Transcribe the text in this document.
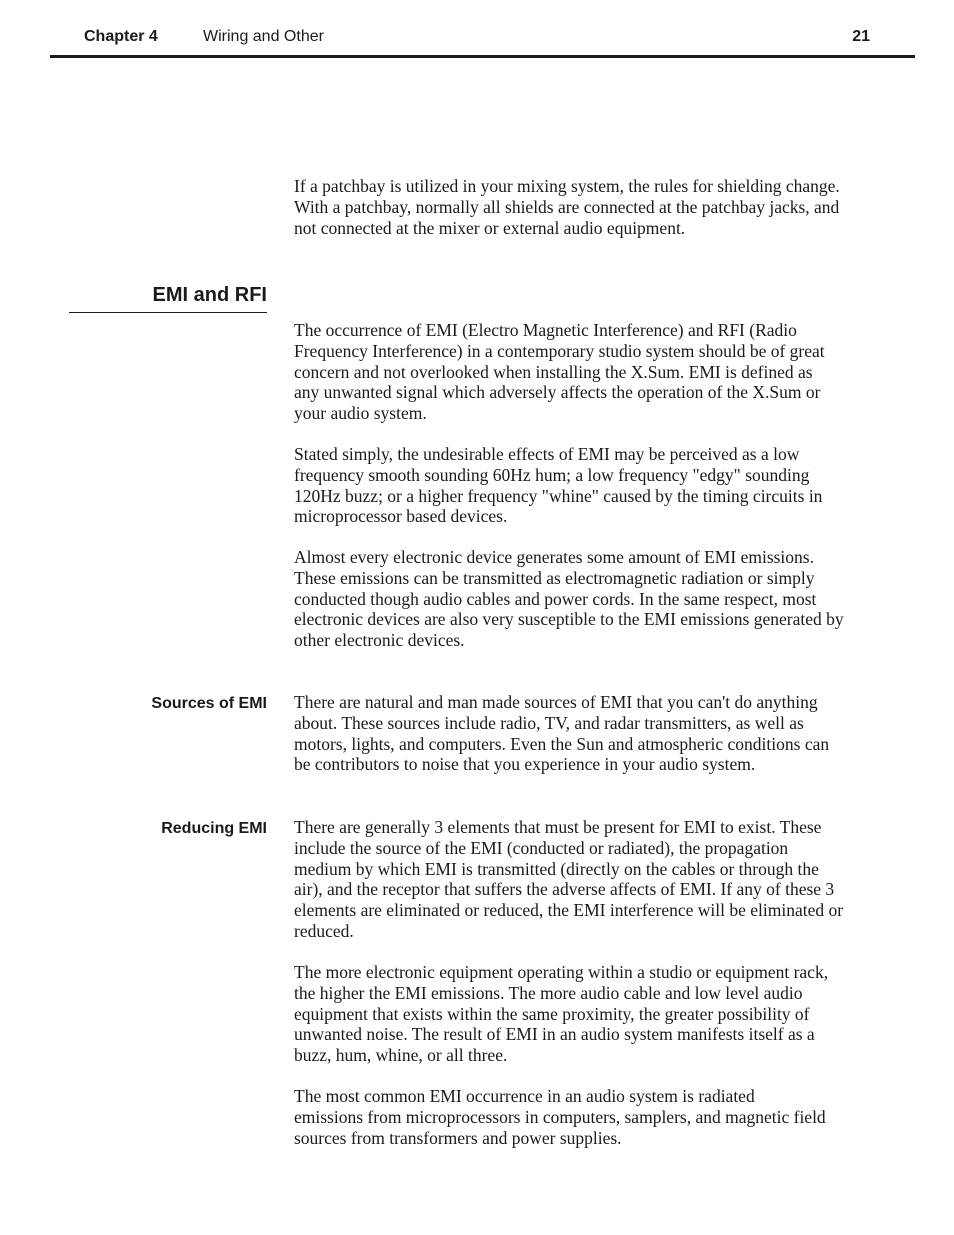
Chapter 4	Wiring and Other	21

If a patchbay is utilized in your mixing system, the rules for shielding change.
With a patchbay, normally all shields are connected at the patchbay jacks, and
not connected at the mixer or external audio equipment.

EMI and RFI

The occurrence of EMI (Electro Magnetic Interference) and RFI (Radio
Frequency Interference) in a contemporary studio system should be of great
concern and not overlooked when installing the X.Sum. EMI is defined as
any unwanted signal which adversely affects the operation of the X.Sum or
your audio system.

Stated simply, the undesirable effects of EMI may be perceived as a low
frequency smooth sounding 60Hz hum; a low frequency "edgy" sounding
120Hz buzz; or a higher frequency "whine" caused by the timing circuits in
microprocessor based devices.

Almost every electronic device generates some amount of EMI emissions.
These emissions can be transmitted as electromagnetic radiation or simply
conducted though audio cables and power cords. In the same respect, most
electronic devices are also very susceptible to the EMI emissions generated by
other electronic devices.

Sources of EMI There are natural and man made sources of EMI that you can't do anything
about. These sources include radio, TV, and radar transmitters, as well as
motors, lights, and computers. Even the Sun and atmospheric conditions can
be contributors to noise that you experience in your audio system.

Reducing EMI There are generally 3 elements that must be present for EMI to exist. These
include the source of the EMI (conducted or radiated), the propagation
medium by which EMI is transmitted (directly on the cables or through the
air), and the receptor that suffers the adverse affects of EMI. If any of these 3
elements are eliminated or reduced, the EMI interference will be eliminated or
reduced.

The more electronic equipment operating within a studio or equipment rack,
the higher the EMI emissions. The more audio cable and low level audio
equipment that exists within the same proximity, the greater possibility of
unwanted noise. The result of EMI in an audio system manifests itself as a
buzz, hum, whine, or all three.

The most common EMI occurrence in an audio system is radiated
emissions from microprocessors in computers, samplers, and magnetic field
sources from transformers and power supplies.
